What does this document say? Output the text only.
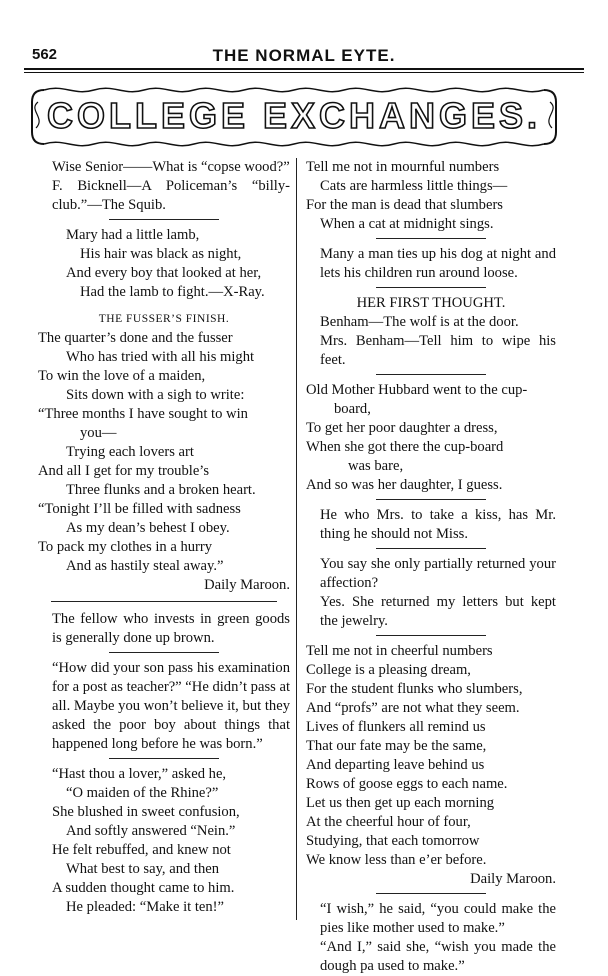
562	THE NORMAL EYTE.
COLLEGE EXCHANGES.

Wise Senior——What is “copse wood?”

F. Bicknell—A Policeman’s “billy-club.”—The Squib.

Mary had a little lamb,

His hair was black as night,

And every boy that looked at her,

Had the lamb to fight.—X-Ray.

THE FUSSER’S FINISH.

The quarter’s done and the fusser

Who has tried with all his might

To win the love of a maiden,

Sits down with a sigh to write:

“Three months I have sought to win

you—

Trying each lovers art

And all I get for my trouble’s

Three flunks and a broken heart.

“Tonight I’ll be filled with sadness

As my dean’s behest I obey.

To pack my clothes in a hurry

And as hastily steal away.”

Daily Maroon.

The fellow who invests in green goods is generally done up brown.

“How did your son pass his examination for a post as teacher?” “He didn’t pass at all. Maybe you won’t believe it, but they asked the poor boy about things that happened long before he was born.”

“Hast thou a lover,” asked he,

“O maiden of the Rhine?”

She blushed in sweet confusion,

And softly answered “Nein.”

He felt rebuffed, and knew not

What best to say, and then

A sudden thought came to him.

He pleaded: “Make it ten!”

Tell me not in mournful numbers

Cats are harmless little things—

For the man is dead that slumbers

When a cat at midnight sings.

Many a man ties up his dog at night and lets his children run around loose.

HER FIRST THOUGHT.

Benham—The wolf is at the door.

Mrs. Benham—Tell him to wipe his feet.

Old Mother Hubbard went to the cup-

board,

To get her poor daughter a dress,

When she got there the cup-board

was bare,

And so was her daughter, I guess.

He who Mrs. to take a kiss, has Mr. thing he should not Miss.

You say she only partially returned your affection?

Yes. She returned my letters but kept the jewelry.

Tell me not in cheerful numbers

College is a pleasing dream,

For the student flunks who slumbers,

And “profs” are not what they seem.

Lives of flunkers all remind us

That our fate may be the same,

And departing leave behind us

Rows of goose eggs to each name.

Let us then get up each morning

At the cheerful hour of four,

Studying, that each tomorrow

We know less than e’er before.

Daily Maroon.

“I wish,” he said, “you could make the pies like mother used to make.”

“And I,” said she, “wish you made the dough pa used to make.”
